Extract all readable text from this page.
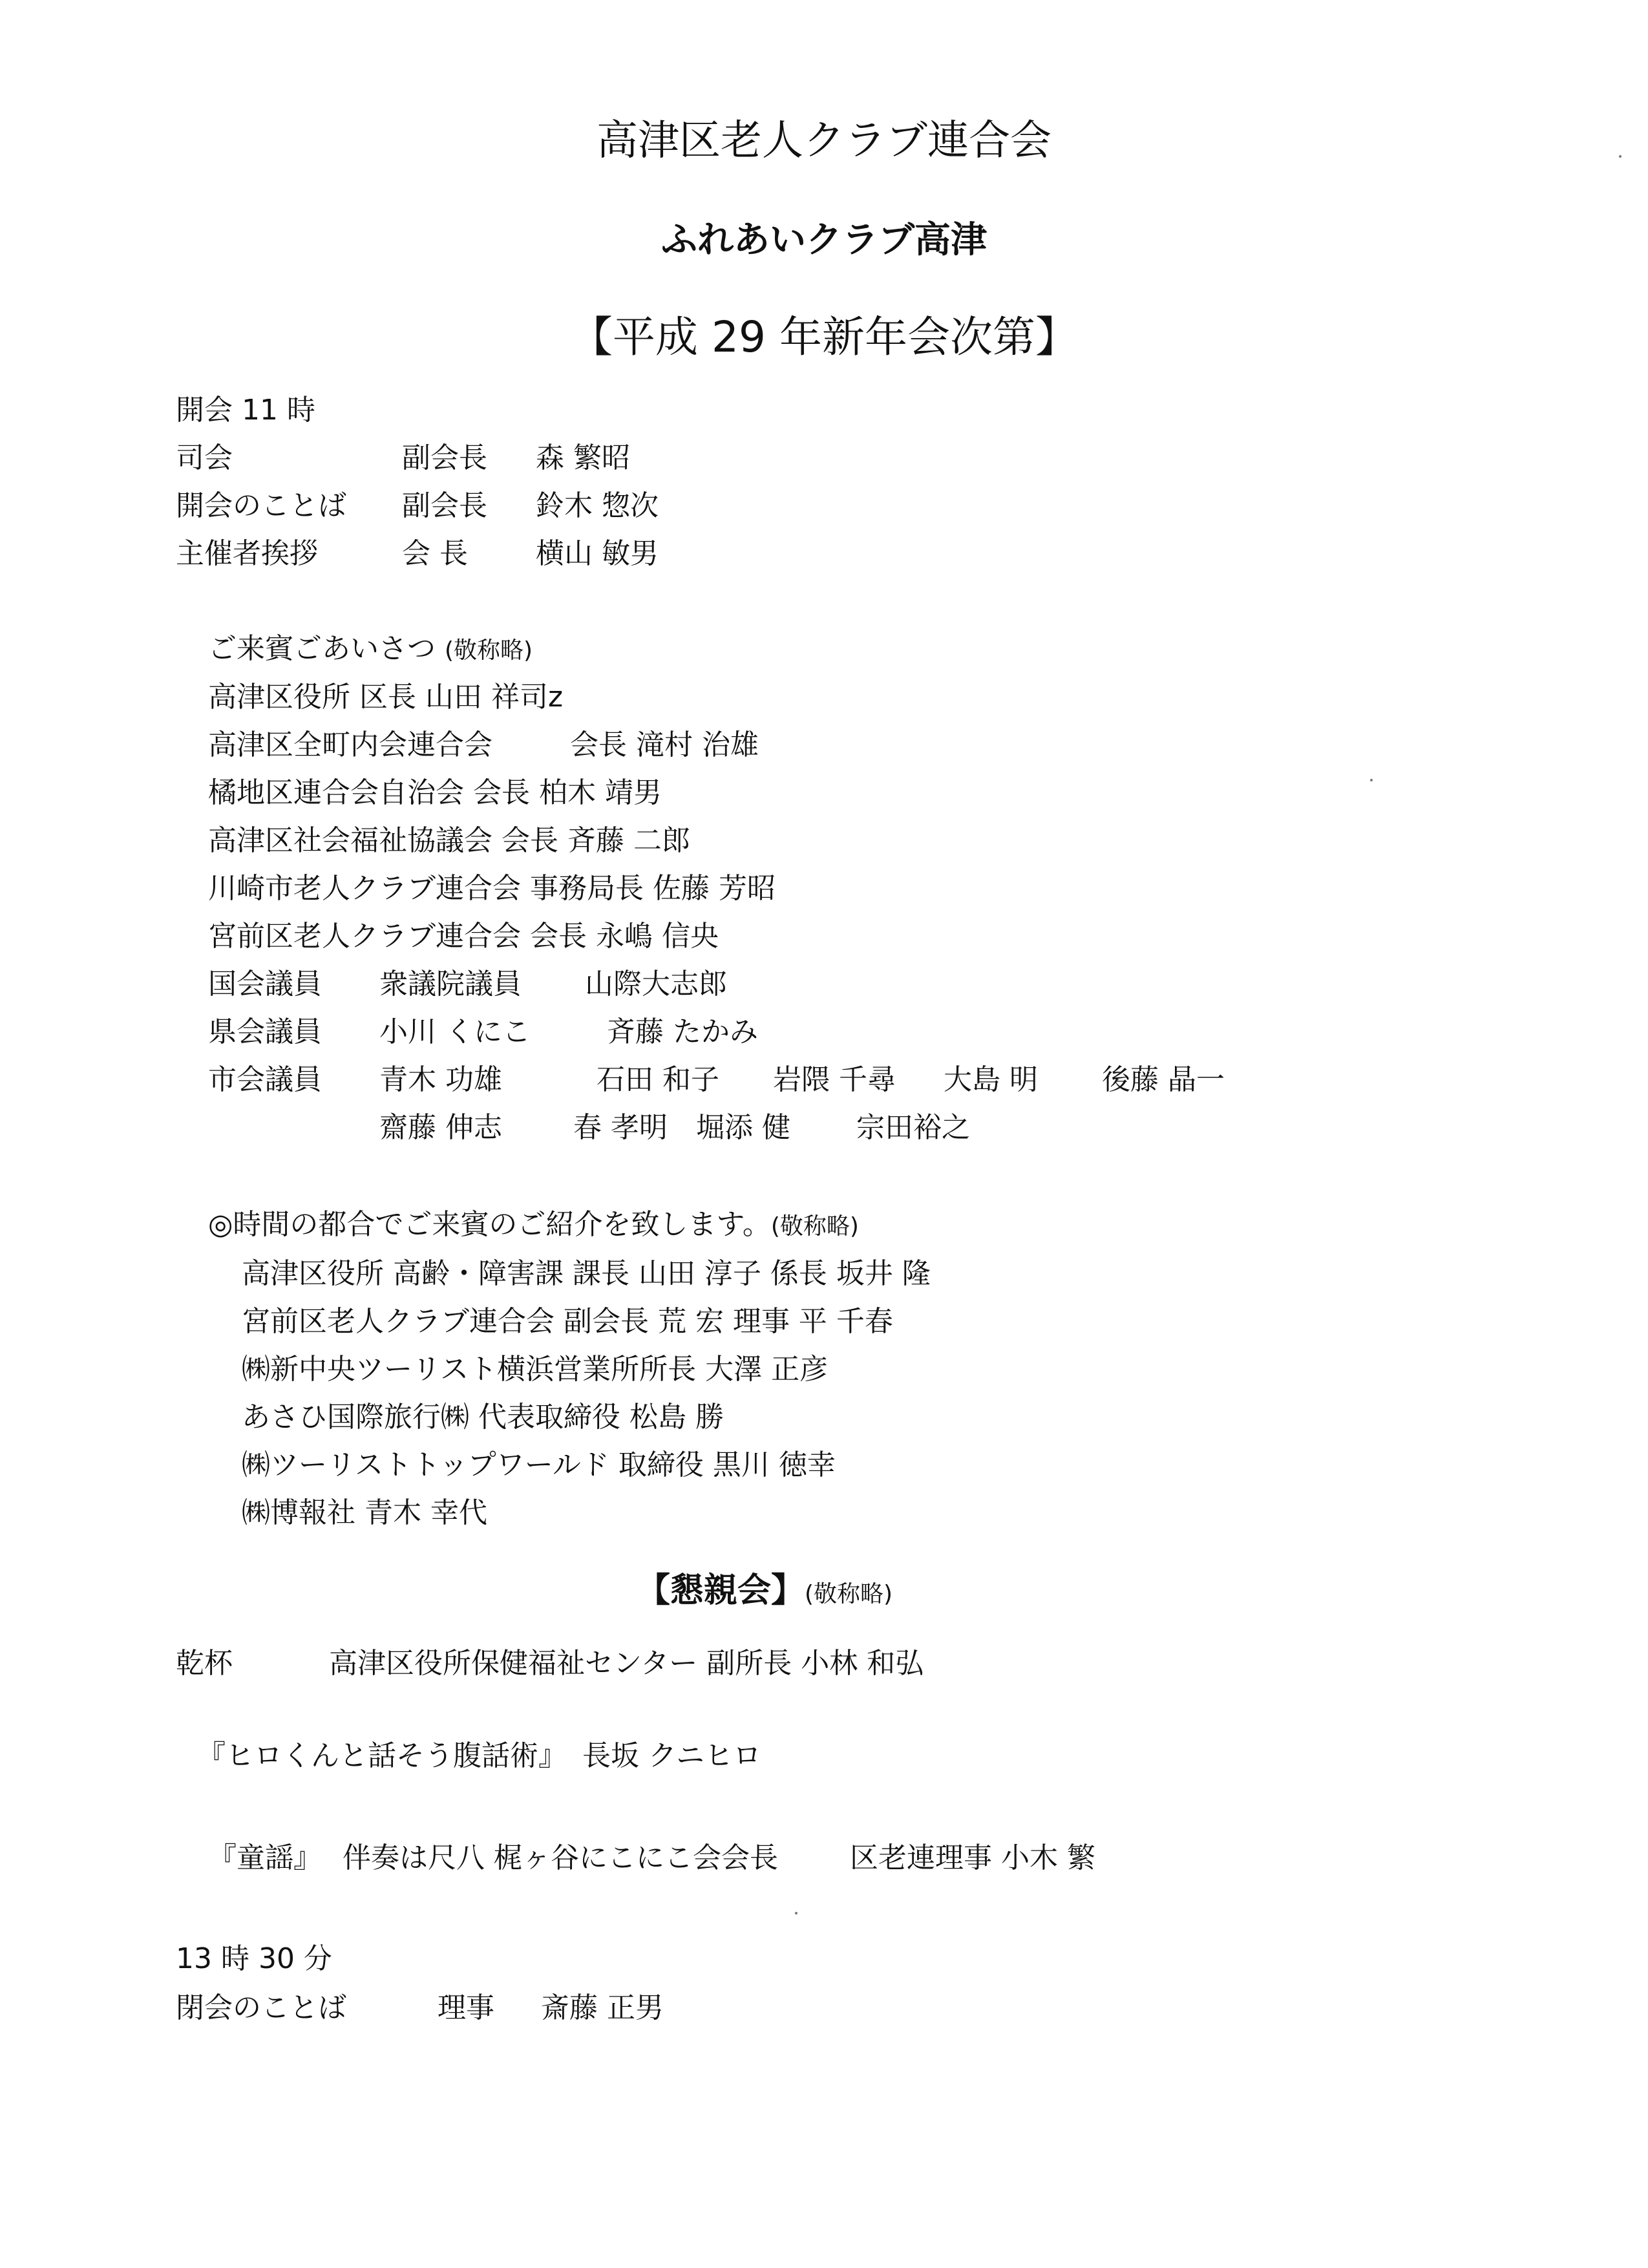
高津区老人クラブ連合会
ふれあいクラブ高津
【平成 29 年新年会次第】
開会 11 時
司会	副会長 森 繁昭
開会のことば 副会長 鈴木 惣次
主催者挨拶	会 長 横山 敏男
ご来賓ごあいさつ (敬称略)
高津区役所 区長 山田 祥司z
高津区全町内会連合会	会長 滝村 治雄
橘地区連合会自治会 会長 柏木 靖男
高津区社会福祉協議会 会長 斉藤 二郎
川崎市老人クラブ連合会 事務局長 佐藤 芳昭
宮前区老人クラブ連合会 会長 永嶋 信央
国会議員 衆議院議員 山際大志郎
県会議員 小川 くにこ	斉藤 たかみ
市会議員 青木 功雄	石田 和子 岩隈 千尋 大島 明 後藤 晶一
齋藤 伸志	春 孝明 堀添 健 宗田裕之
◎時間の都合でご来賓のご紹介を致します。(敬称略)
高津区役所 高齢・障害課 課長 山田 淳子 係長 坂井 隆
宮前区老人クラブ連合会 副会長 荒 宏 理事 平 千春
㈱新中央ツーリスト横浜営業所所長 大澤 正彦
あさひ国際旅行㈱ 代表取締役 松島 勝
㈱ツーリストトップワールド 取締役 黒川 徳幸
㈱博報社 青木 幸代
【懇親会】(敬称略)
乾杯	高津区役所保健福祉センター 副所長 小林 和弘
『ヒロくんと話そう腹話術』 長坂 クニヒロ
『童謡』 伴奏は尺八 梶ヶ谷にこにこ会会長	区老連理事 小木 繁
13 時 30 分
閉会のことば	理事 斎藤 正男
